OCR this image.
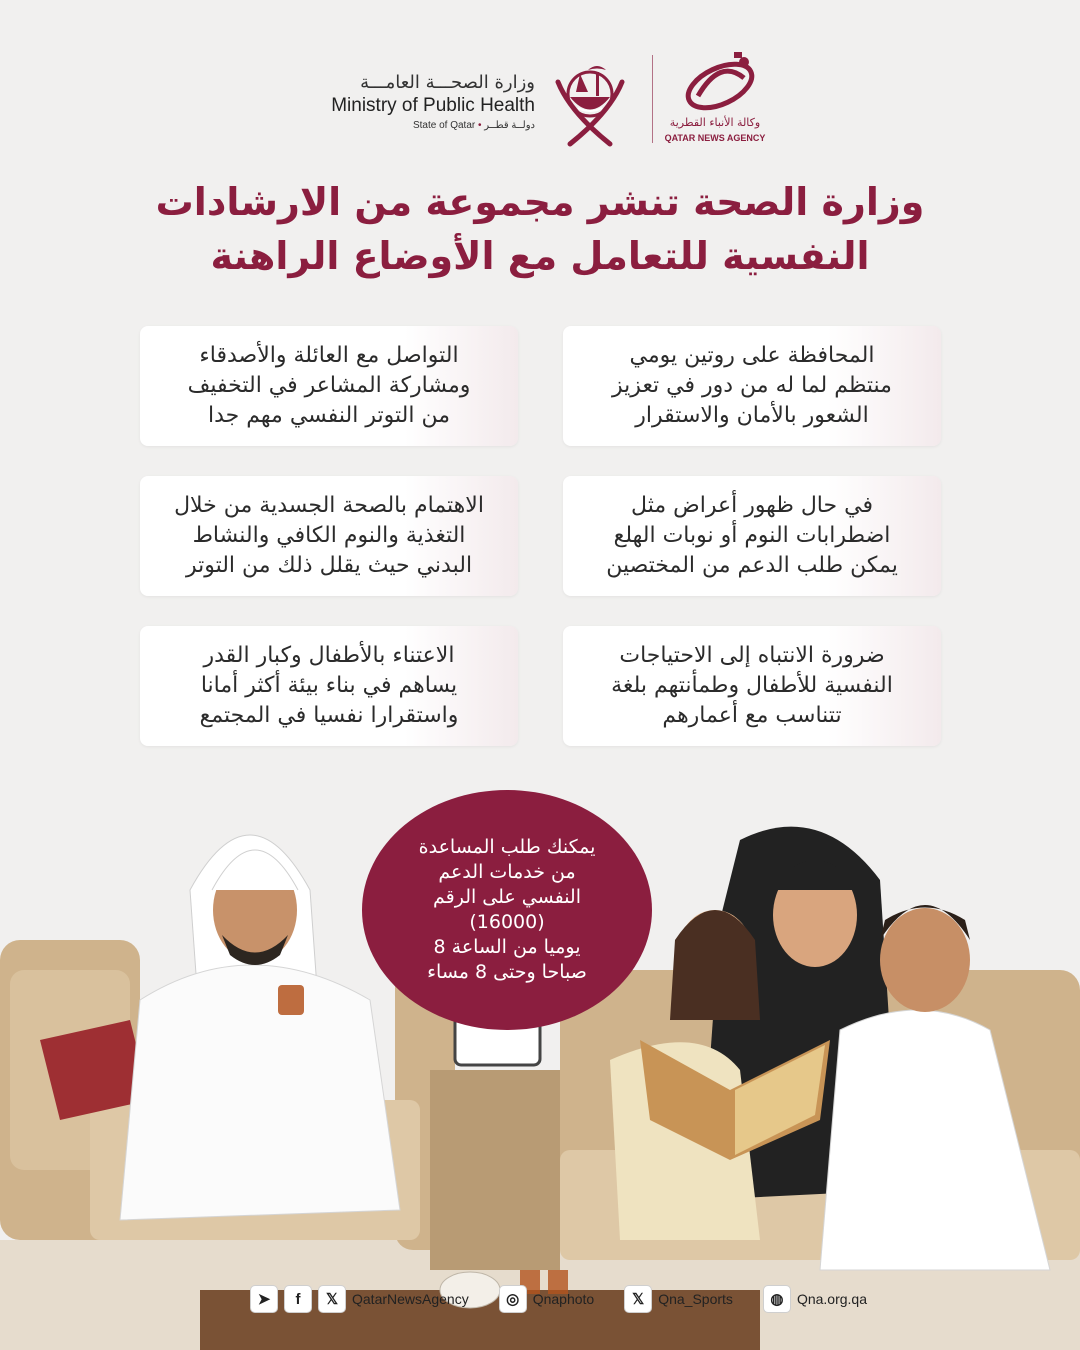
وزارة الصحـــة العامـــة
Ministry of Public Health
State of Qatar • دولــة قطــر	وكالة الأنباء القطرية
QATAR NEWS AGENCY
وزارة الصحة تنشر مجموعة من الارشادات
النفسية للتعامل مع الأوضاع الراهنة
المحافظة على روتين يومي
منتظم لما له من دور في تعزيز
الشعور بالأمان والاستقرار
التواصل مع العائلة والأصدقاء
ومشاركة المشاعر في التخفيف
من التوتر النفسي مهم جدا
في حال ظهور أعراض مثل
اضطرابات النوم أو نوبات الهلع
يمكن طلب الدعم من المختصين
الاهتمام بالصحة الجسدية من خلال
التغذية والنوم الكافي والنشاط
البدني حيث يقلل ذلك من التوتر
ضرورة الانتباه إلى الاحتياجات
النفسية للأطفال وطمأنتهم بلغة
تتناسب مع أعمارهم
الاعتناء بالأطفال وكبار القدر
يساهم في بناء بيئة أكثر أمانا
واستقرارا نفسيا في المجتمع
يمكنك طلب المساعدة
من خدمات الدعم
النفسي على الرقم
(16000)
يوميا من الساعة 8
صباحا وحتى 8 مساء
➤	f	𝕏 QatarNewsAgency	◎ Qnaphoto	𝕏 Qna_Sports	◍ Qna.org.qa
